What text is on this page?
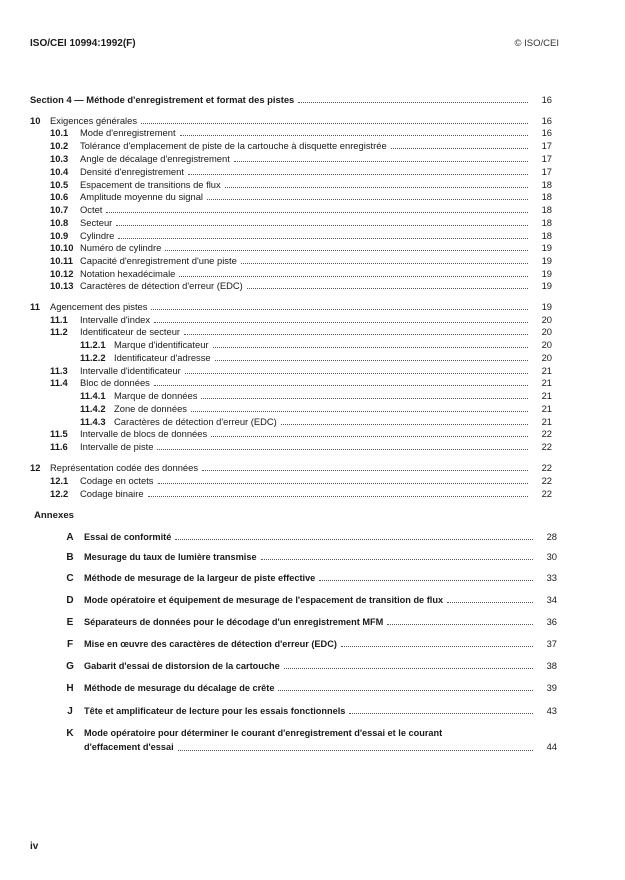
ISO/CEI 10994:1992(F)	© ISO/CEI
Section 4 — Méthode d'enregistrement et format des pistes	16
10	Exigences générales	16
10.1	Mode d'enregistrement	16
10.2	Tolérance d'emplacement de piste de la cartouche à disquette enregistrée	17
10.3	Angle de décalage d'enregistrement	17
10.4	Densité d'enregistrement	17
10.5	Espacement de transitions de flux	18
10.6	Amplitude moyenne du signal	18
10.7	Octet	18
10.8	Secteur	18
10.9	Cylindre	18
10.10 Numéro de cylindre	19
10.11 Capacité d'enregistrement d'une piste	19
10.12 Notation hexadécimale	19
10.13 Caractères de détection d'erreur (EDC)	19
11	Agencement des pistes	19
11.1	Intervalle d'index	20
11.2	Identificateur de secteur	20
11.2.1 Marque d'identificateur	20
11.2.2 Identificateur d'adresse	20
11.3	Intervalle d'identificateur	21
11.4	Bloc de données	21
11.4.1 Marque de données	21
11.4.2 Zone de données	21
11.4.3 Caractères de détection d'erreur (EDC)	21
11.5	Intervalle de blocs de données	22
11.6	Intervalle de piste	22
12	Représentation codée des données	22
12.1	Codage en octets	22
12.2	Codage binaire	22
Annexes
A	Essai de conformité	28
B	Mesurage du taux de lumière transmise	30
C	Méthode de mesurage de la largeur de piste effective	33
D	Mode opératoire et équipement de mesurage de l'espacement de transition de flux	34
E	Séparateurs de données pour le décodage d'un enregistrement MFM	36
F	Mise en œuvre des caractères de détection d'erreur (EDC)	37
G	Gabarit d'essai de distorsion de la cartouche	38
H	Méthode de mesurage du décalage de crête	39
J	Tête et amplificateur de lecture pour les essais fonctionnels	43
K	Mode opératoire pour déterminer le courant d'enregistrement d'essai et le courant
d'effacement d'essai	44
iv
